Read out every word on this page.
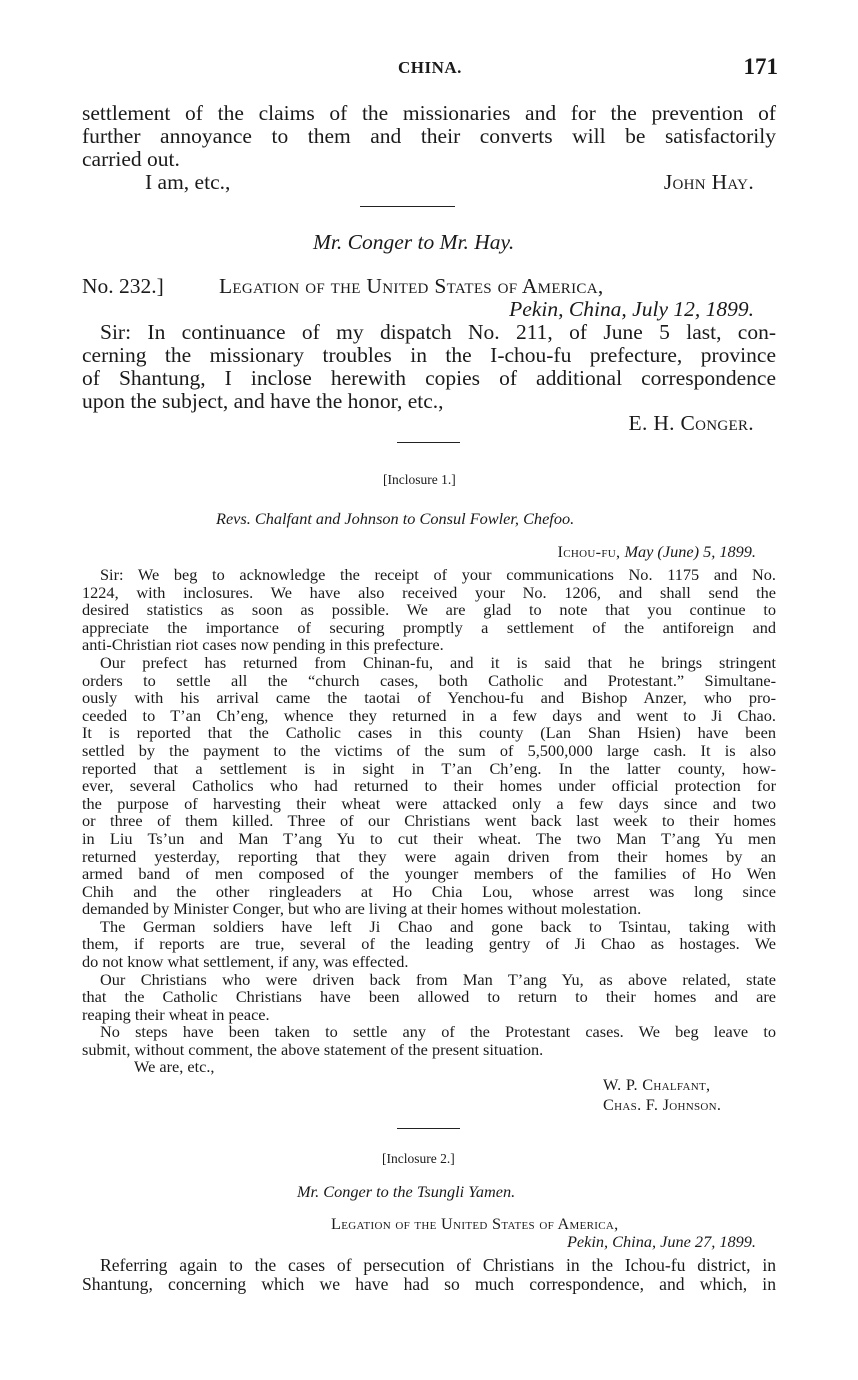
CHINA.	171
settlement of the claims of the missionaries and for the prevention of
further annoyance to them and their converts will be satisfactorily
carried out.
I am, etc.,	John Hay.
Mr. Conger to Mr. Hay.
No. 232.]	Legation of the United States of America,
Pekin, China, July 12, 1899.
Sir: In continuance of my dispatch No. 211, of June 5 last, con-
cerning the missionary troubles in the I-chou-fu prefecture, province
of Shantung, I inclose herewith copies of additional correspondence
upon the subject, and have the honor, etc.,
E. H. Conger.
[Inclosure 1.]
Revs. Chalfant and Johnson to Consul Fowler, Chefoo.
Ichou-fu, May (June) 5, 1899.
Sir: We beg to acknowledge the receipt of your communications No. 1175 and No.
1224, with inclosures. We have also received your No. 1206, and shall send the
desired statistics as soon as possible. We are glad to note that you continue to
appreciate the importance of securing promptly a settlement of the antiforeign and
anti-Christian riot cases now pending in this prefecture.
Our prefect has returned from Chinan-fu, and it is said that he brings stringent
orders to settle all the “church cases, both Catholic and Protestant.” Simultane-
ously with his arrival came the taotai of Yenchou-fu and Bishop Anzer, who pro-
ceeded to T’an Ch’eng, whence they returned in a few days and went to Ji Chao.
It is reported that the Catholic cases in this county (Lan Shan Hsien) have been
settled by the payment to the victims of the sum of 5,500,000 large cash. It is also
reported that a settlement is in sight in T’an Ch’eng. In the latter county, how-
ever, several Catholics who had returned to their homes under official protection for
the purpose of harvesting their wheat were attacked only a few days since and two
or three of them killed. Three of our Christians went back last week to their homes
in Liu Ts’un and Man T’ang Yu to cut their wheat. The two Man T’ang Yu men
returned yesterday, reporting that they were again driven from their homes by an
armed band of men composed of the younger members of the families of Ho Wen
Chih and the other ringleaders at Ho Chia Lou, whose arrest was long since
demanded by Minister Conger, but who are living at their homes without molestation.
The German soldiers have left Ji Chao and gone back to Tsintau, taking with
them, if reports are true, several of the leading gentry of Ji Chao as hostages. We
do not know what settlement, if any, was effected.
Our Christians who were driven back from Man T’ang Yu, as above related, state
that the Catholic Christians have been allowed to return to their homes and are
reaping their wheat in peace.
No steps have been taken to settle any of the Protestant cases. We beg leave to
submit, without comment, the above statement of the present situation.
We are, etc.,
W. P. Chalfant,
Chas. F. Johnson.
[Inclosure 2.]
Mr. Conger to the Tsungli Yamen.
Legation of the United States of America,
Pekin, China, June 27, 1899.
Referring again to the cases of persecution of Christians in the Ichou-fu district, in
Shantung, concerning which we have had so much correspondence, and which, in
